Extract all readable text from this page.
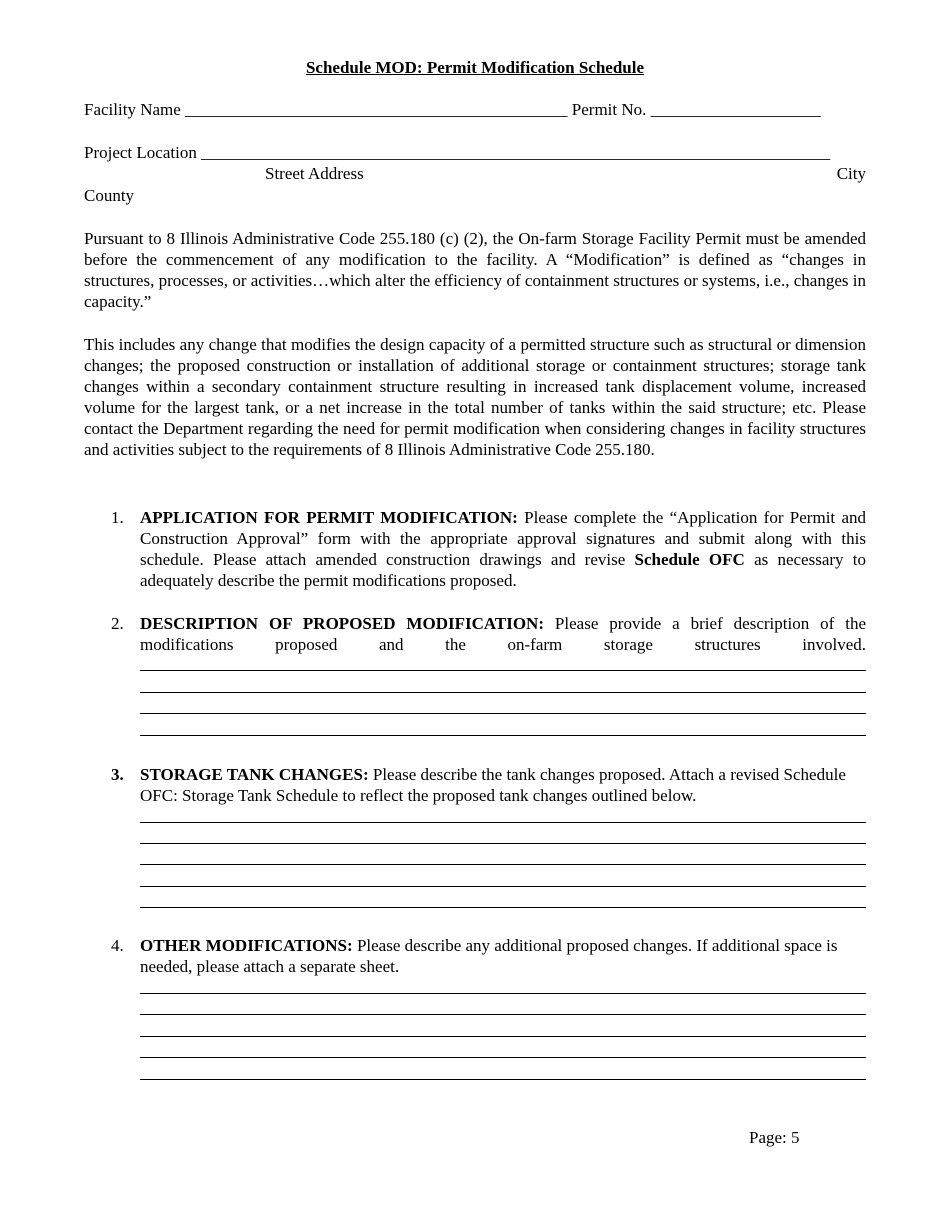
Schedule MOD: Permit Modification Schedule
Facility Name _____________________________________________ Permit No. ____________________
Project Location __________________________________________________________________________
Street Address	City
County
Pursuant to 8 Illinois Administrative Code 255.180 (c) (2), the On-farm Storage Facility Permit must be amended before the commencement of any modification to the facility. A “Modification” is defined as “changes in structures, processes, or activities…which alter the efficiency of containment structures or systems, i.e., changes in capacity.”
This includes any change that modifies the design capacity of a permitted structure such as structural or dimension changes; the proposed construction or installation of additional storage or containment structures; storage tank changes within a secondary containment structure resulting in increased tank displacement volume, increased volume for the largest tank, or a net increase in the total number of tanks within the said structure; etc. Please contact the Department regarding the need for permit modification when considering changes in facility structures and activities subject to the requirements of 8 Illinois Administrative Code 255.180.
1. APPLICATION FOR PERMIT MODIFICATION: Please complete the “Application for Permit and Construction Approval” form with the appropriate approval signatures and submit along with this schedule. Please attach amended construction drawings and revise Schedule OFC as necessary to adequately describe the permit modifications proposed.
2. DESCRIPTION OF PROPOSED MODIFICATION: Please provide a brief description of the modifications proposed and the on-farm storage structures involved.
3. STORAGE TANK CHANGES: Please describe the tank changes proposed. Attach a revised Schedule OFC: Storage Tank Schedule to reflect the proposed tank changes outlined below.
4. OTHER MODIFICATIONS: Please describe any additional proposed changes. If additional space is needed, please attach a separate sheet.
Page: 5
